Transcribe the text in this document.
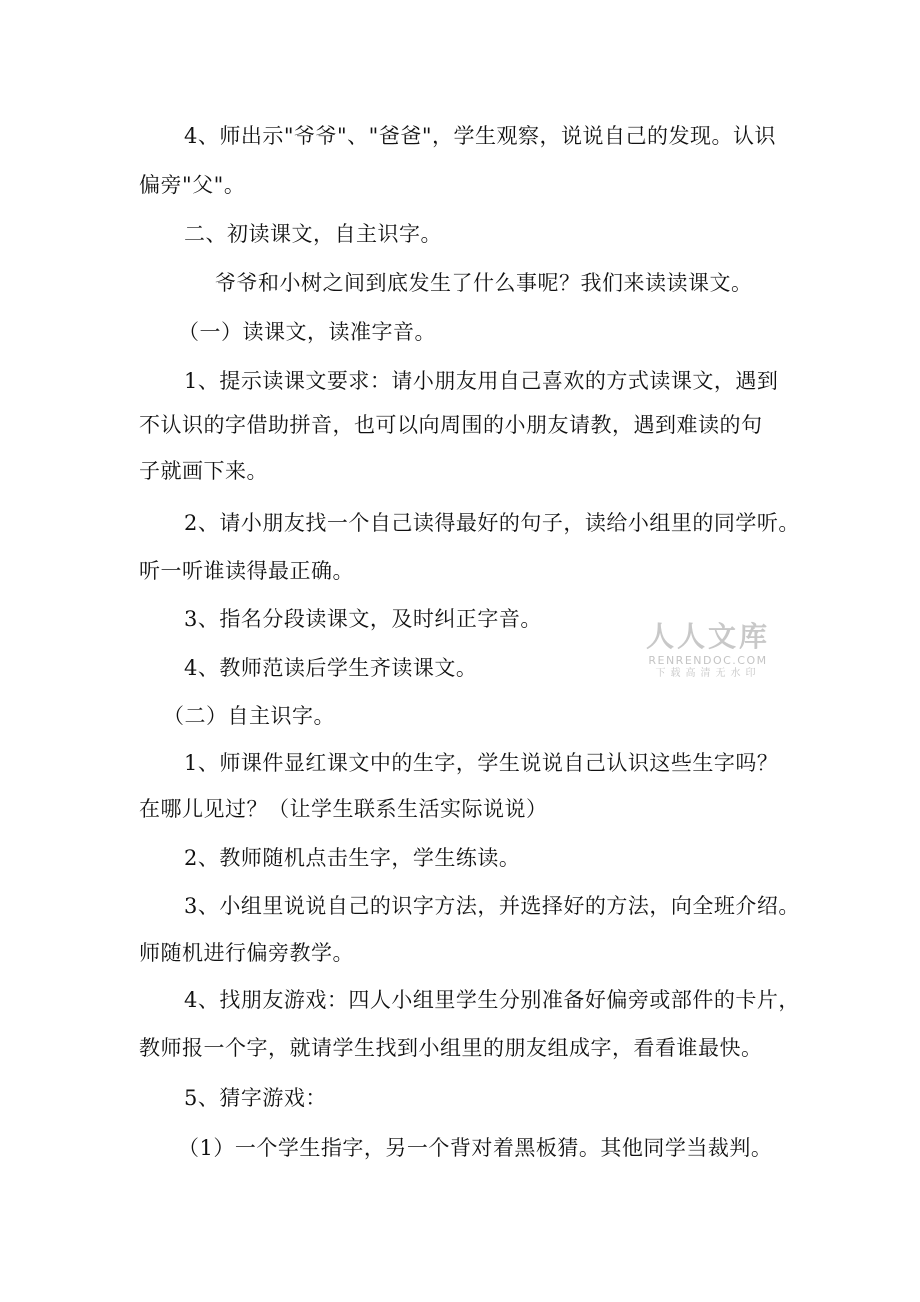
4、师出示"爷爷"、"爸爸"，学生观察，说说自己的发现。认识
偏旁"父"。
二、初读课文，自主识字。
爷爷和小树之间到底发生了什么事呢？我们来读读课文。
（一）读课文，读准字音。
1、提示读课文要求：请小朋友用自己喜欢的方式读课文，遇到
不认识的字借助拼音，也可以向周围的小朋友请教，遇到难读的句
子就画下来。
2、请小朋友找一个自己读得最好的句子，读给小组里的同学听。
听一听谁读得最正确。
3、指名分段读课文，及时纠正字音。
4、教师范读后学生齐读课文。
（二）自主识字。
1、师课件显红课文中的生字，学生说说自己认识这些生字吗？
在哪儿见过？（让学生联系生活实际说说）
2、教师随机点击生字，学生练读。
3、小组里说说自己的识字方法，并选择好的方法，向全班介绍。
师随机进行偏旁教学。
4、找朋友游戏：四人小组里学生分别准备好偏旁或部件的卡片，
教师报一个字，就请学生找到小组里的朋友组成字，看看谁最快。
5、猜字游戏：
（1）一个学生指字，另一个背对着黑板猜。其他同学当裁判。
人人文库
RENRENDOC.COM
下载高清无水印
